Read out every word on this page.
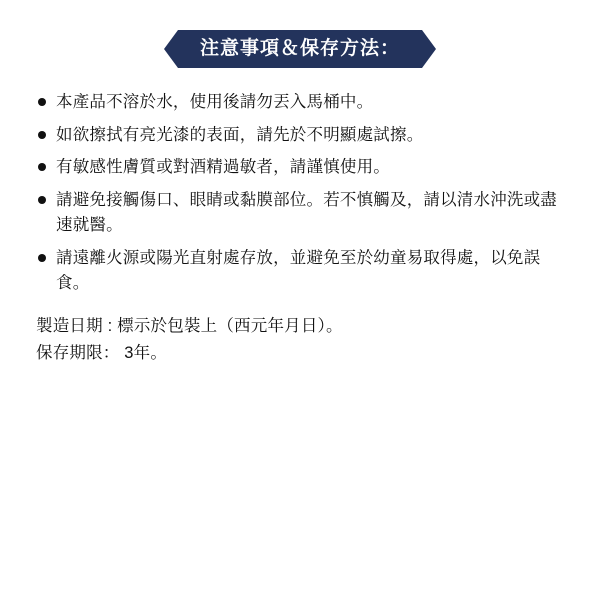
注意事項＆保存方法：
本產品不溶於水，使用後請勿丟入馬桶中。
如欲擦拭有亮光漆的表面，請先於不明顯處試擦。
有敏感性膚質或對酒精過敏者，請謹慎使用。
請避免接觸傷口、眼睛或黏膜部位。若不慎觸及，請以清水沖洗或盡速就醫。
請遠離火源或陽光直射處存放，並避免至於幼童易取得處，以免誤食。
製造日期 : 標示於包裝上（西元年月日）。
保存期限： 3年。
